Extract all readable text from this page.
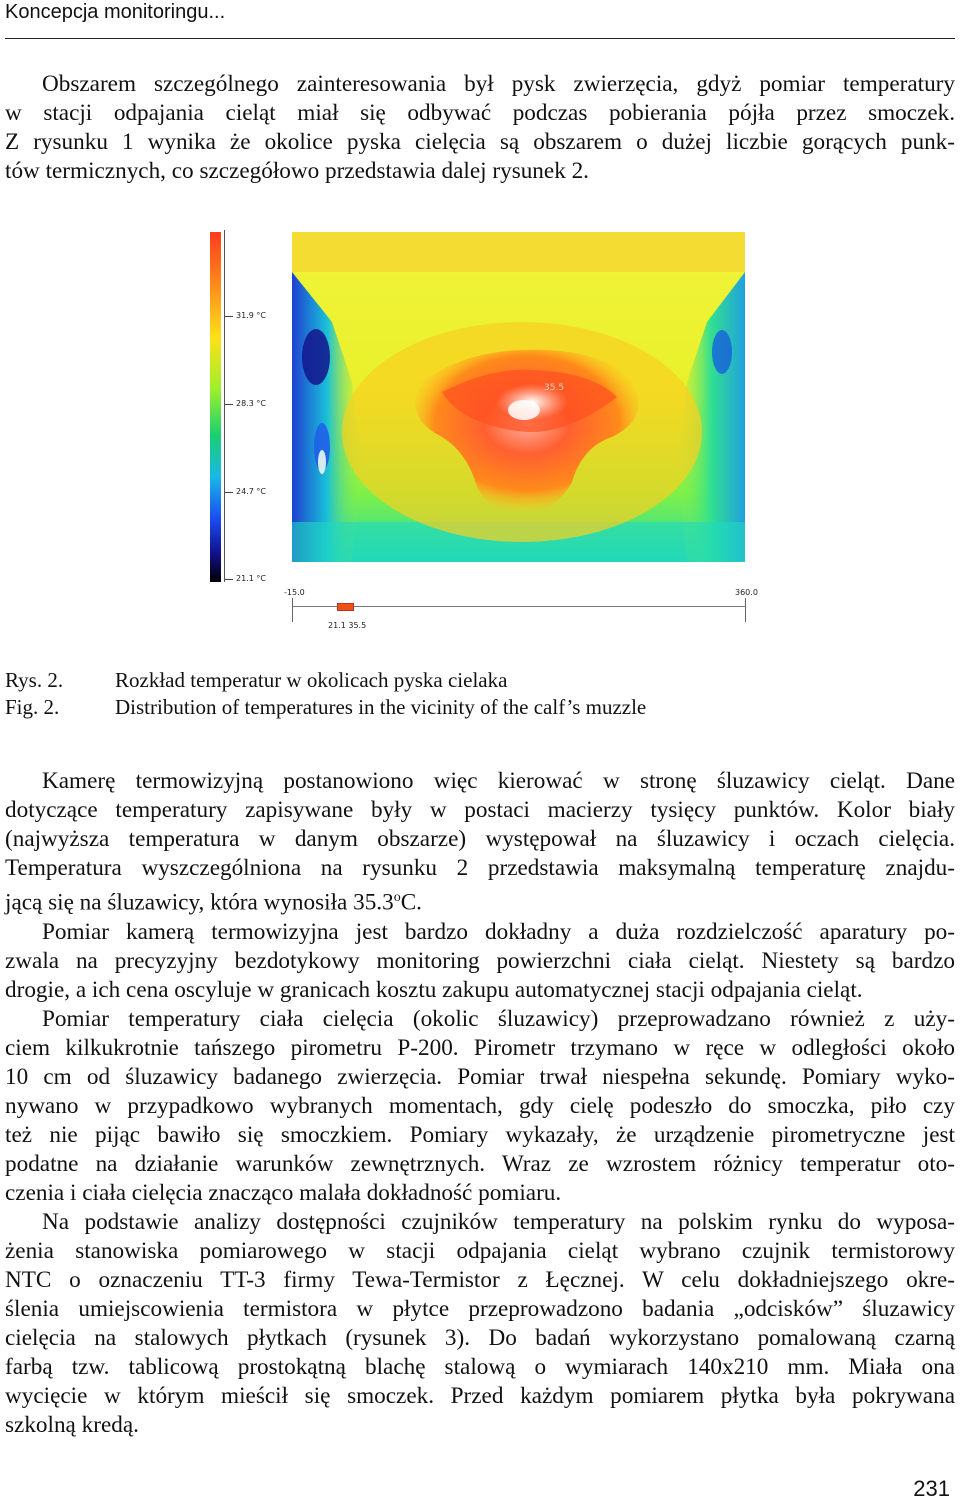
Koncepcja monitoringu...
Obszarem szczególnego zainteresowania był pysk zwierzęcia, gdyż pomiar temperatury
w stacji odpajania cieląt miał się odbywać podczas pobierania pójła przez smoczek.
Z rysunku 1 wynika że okolice pyska cielęcia są obszarem o dużej liczbie gorących punk-
tów termicznych, co szczegółowo przedstawia dalej rysunek 2.
31.9 °C
28.3 °C
24.7 °C
21.1 °C
35.5
-15.0	360.0
21.1 35.5
Rys. 2. Rozkład temperatur w okolicach pyska cielaka
Fig. 2.	Distribution of temperatures in the vicinity of the calf’s muzzle
Kamerę termowizyjną postanowiono więc kierować w stronę śluzawicy cieląt. Dane
dotyczące temperatury zapisywane były w postaci macierzy tysięcy punktów. Kolor biały
(najwyższa temperatura w danym obszarze) występował na śluzawicy i oczach cielęcia.
Temperatura wyszczególniona na rysunku 2 przedstawia maksymalną temperaturę znajdu-
jącą się na śluzawicy, która wynosiła 35.3$^o$C.
Pomiar kamerą termowizyjna jest bardzo dokładny a duża rozdzielczość aparatury po-
zwala na precyzyjny bezdotykowy monitoring powierzchni ciała cieląt. Niestety są bardzo
drogie, a ich cena oscyluje w granicach kosztu zakupu automatycznej stacji odpajania cieląt.
Pomiar temperatury ciała cielęcia (okolic śluzawicy) przeprowadzano również z uży-
ciem kilkukrotnie tańszego pirometru P-200. Pirometr trzymano w ręce w odległości około
10 cm od śluzawicy badanego zwierzęcia. Pomiar trwał niespełna sekundę. Pomiary wyko-
nywano w przypadkowo wybranych momentach, gdy cielę podeszło do smoczka, piło czy
też nie pijąc bawiło się smoczkiem. Pomiary wykazały, że urządzenie pirometryczne jest
podatne na działanie warunków zewnętrznych. Wraz ze wzrostem różnicy temperatur oto-
czenia i ciała cielęcia znacząco malała dokładność pomiaru.
Na podstawie analizy dostępności czujników temperatury na polskim rynku do wyposa-
żenia stanowiska pomiarowego w stacji odpajania cieląt wybrano czujnik termistorowy
NTC o oznaczeniu TT-3 firmy Tewa-Termistor z Łęcznej. W celu dokładniejszego okre-
ślenia umiejscowienia termistora w płytce przeprowadzono badania „odcisków” śluzawicy
cielęcia na stalowych płytkach (rysunek 3). Do badań wykorzystano pomalowaną czarną
farbą tzw. tablicową prostokątną blachę stalową o wymiarach 140x210 mm. Miała ona
wycięcie w którym mieścił się smoczek. Przed każdym pomiarem płytka była pokrywana
szkolną kredą.
231
